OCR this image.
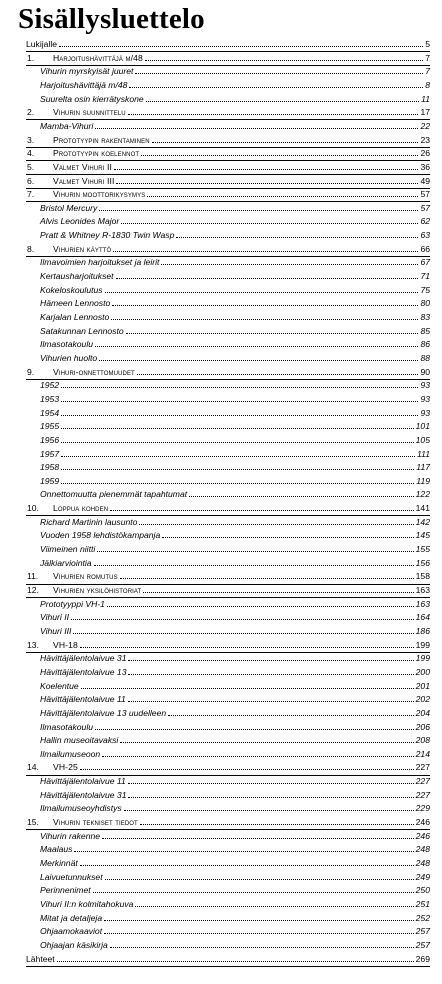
Sisällysluettelo
Lukijalle	5
1. Harjoitushävittäjä m/48	7
Vihurin myrskyisät juuret	7
Harjoitushävittäjä m/48	8
Suurelta osin kierrätyskone	11
2. Vihurin suunnittelu	17
Mamba-Vihuri	22
3. Prototyypin rakentaminen	23
4. Prototyypin koelennot	26
5. Valmet Vihuri II	36
6. Valmet Vihuri III	49
7. Vihurin moottorikysymys	57
Bristol Mercury	57
Alvis Leonides Major	62
Pratt & Whitney R-1830 Twin Wasp	63
8. Vihurien käyttö	66
Ilmavoimien harjoitukset ja leirit	67
Kertausharjoitukset	71
Kokeloskoulutus	75
Hämeen Lennosto	80
Karjalan Lennosto	83
Satakunnan Lennosto	85
Ilmasotakoulu	86
Vihurien huolto	88
9. Vihuri-onnettomuudet	90
1952	93
1953	93
1954	93
1955	101
1956	105
1957	111
1958	117
1959	119
Onnettomuutta pienemmät tapahtumat	122
10. Loppua kohden	141
Richard Martinin lausunto	142
Vuoden 1958 lehdistökampanja	145
Viimeinen niitti	155
Jälkiarviointia	156
11. Vihurien romutus	158
12. Vihurien yksilöhistoriat	163
Prototyyppi VH-1	163
Vihuri II	164
Vihuri III	186
13. VH-18	199
Hävittäjälentolaivue 31	199
Hävittäjälentolaivue 13	200
Koelentue	201
Hävittäjälentolaivue 11	202
Hävittäjälentolaivue 13 uudelleen	204
Ilmasotakoulu	206
Hallin museoitavaksi	208
Ilmailumuseoon	214
14. VH-25	227
Hävittäjälentolaivue 11	227
Hävittäjälentolaivue 31	227
Ilmailumuseoyhdistys	229
15. Vihurin tekniset tiedot	246
Vihurin rakenne	246
Maalaus	248
Merkinnät	248
Laivuetunnukset	249
Perinnenimet	250
Vihuri II:n kolmitahokuva	251
Mitat ja detaljeja	252
Ohjaamokaaviot	257
Ohjaajan käsikirja	257
Lähteet	269
